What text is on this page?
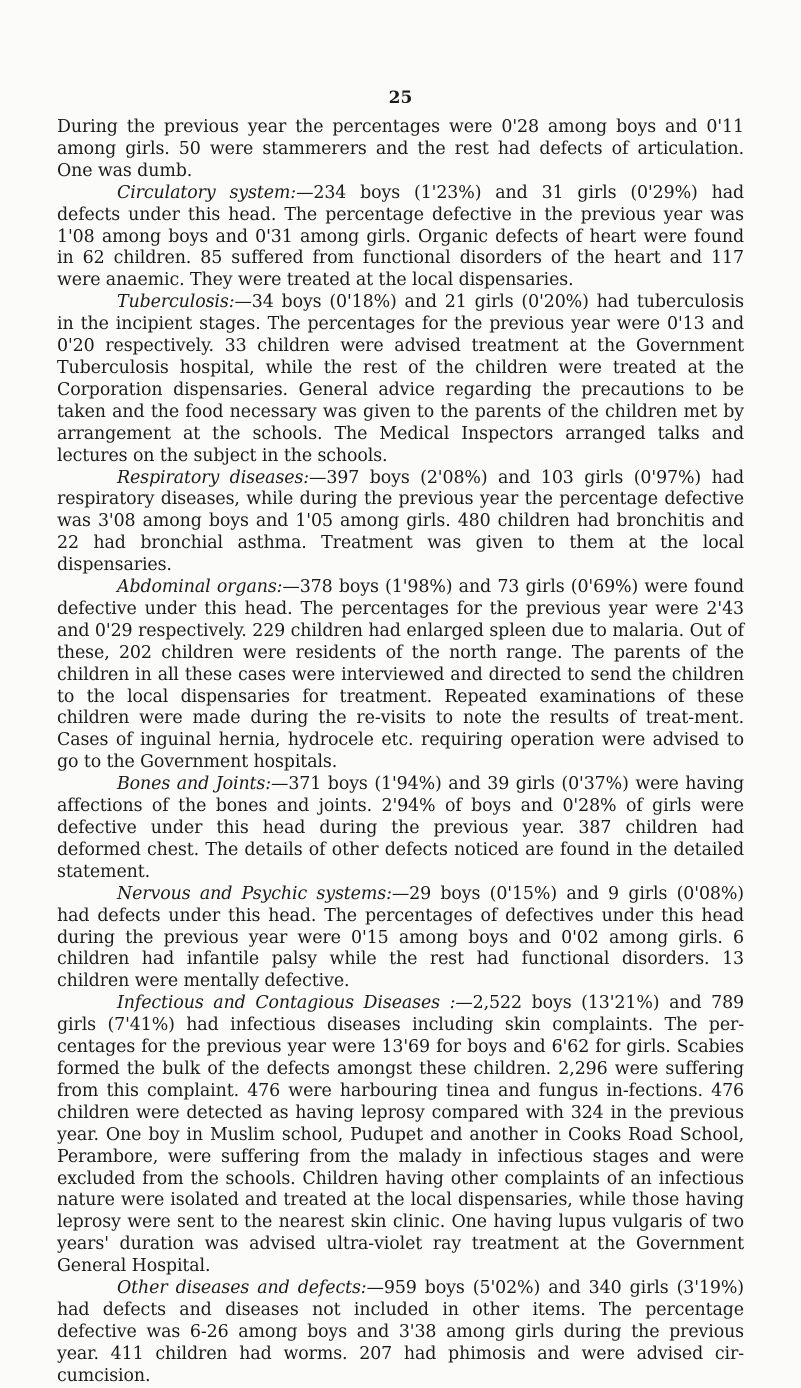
25

During the previous year the percentages were 0'28 among boys and 0'11 among girls. 50 were stammerers and the rest had defects of articulation. One was dumb.

Circulatory system:—234 boys (1'23%) and 31 girls (0'29%) had defects under this head. The percentage defective in the previous year was 1'08 among boys and 0'31 among girls. Organic defects of heart were found in 62 children. 85 suffered from functional disorders of the heart and 117 were anaemic. They were treated at the local dispensaries.

Tuberculosis:—34 boys (0'18%) and 21 girls (0'20%) had tuberculosis in the incipient stages. The percentages for the previous year were 0'13 and 0'20 respectively. 33 children were advised treatment at the Government Tuberculosis hospital, while the rest of the children were treated at the Corporation dispensaries. General advice regarding the precautions to be taken and the food necessary was given to the parents of the children met by arrangement at the schools. The Medical Inspectors arranged talks and lectures on the subject in the schools.

Respiratory diseases:—397 boys (2'08%) and 103 girls (0'97%) had respiratory diseases, while during the previous year the percentage defective was 3'08 among boys and 1'05 among girls. 480 children had bronchitis and 22 had bronchial asthma. Treatment was given to them at the local dispensaries.

Abdominal organs:—378 boys (1'98%) and 73 girls (0'69%) were found defective under this head. The percentages for the previous year were 2'43 and 0'29 respectively. 229 children had enlarged spleen due to malaria. Out of these, 202 children were residents of the north range. The parents of the children in all these cases were interviewed and directed to send the children to the local dispensaries for treatment. Repeated examinations of these children were made during the re-visits to note the results of treat-ment. Cases of inguinal hernia, hydrocele etc. requiring operation were advised to go to the Government hospitals.

Bones and Joints:—371 boys (1'94%) and 39 girls (0'37%) were having affections of the bones and joints. 2'94% of boys and 0'28% of girls were defective under this head during the previous year. 387 children had deformed chest. The details of other defects noticed are found in the detailed statement.

Nervous and Psychic systems:—29 boys (0'15%) and 9 girls (0'08%) had defects under this head. The percentages of defectives under this head during the previous year were 0'15 among boys and 0'02 among girls. 6 children had infantile palsy while the rest had functional disorders. 13 children were mentally defective.

Infectious and Contagious Diseases :—2,522 boys (13'21%) and 789 girls (7'41%) had infectious diseases including skin complaints. The per-centages for the previous year were 13'69 for boys and 6'62 for girls. Scabies formed the bulk of the defects amongst these children. 2,296 were suffering from this complaint. 476 were harbouring tinea and fungus in-fections. 476 children were detected as having leprosy compared with 324 in the previous year. One boy in Muslim school, Pudupet and another in Cooks Road School, Perambore, were suffering from the malady in infectious stages and were excluded from the schools. Children having other complaints of an infectious nature were isolated and treated at the local dispensaries, while those having leprosy were sent to the nearest skin clinic. One having lupus vulgaris of two years' duration was advised ultra-violet ray treatment at the Government General Hospital.

Other diseases and defects:—959 boys (5'02%) and 340 girls (3'19%) had defects and diseases not included in other items. The percentage defective was 6-26 among boys and 3'38 among girls during the previous year. 411 children had worms. 207 had phimosis and were advised cir-cumcision.
